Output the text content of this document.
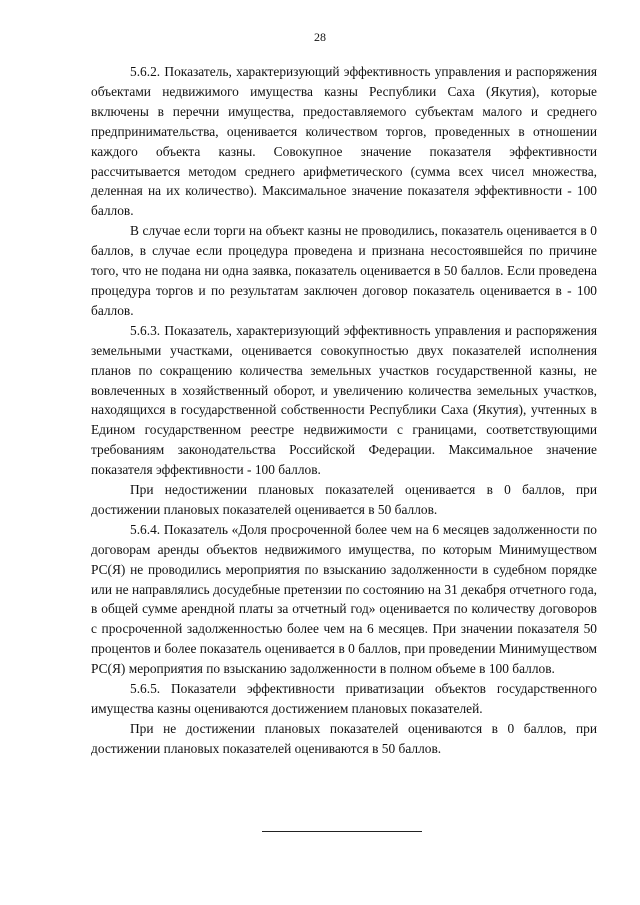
28

5.6.2. Показатель, характеризующий эффективность управления и распоряжения объектами недвижимого имущества казны Республики Саха (Якутия), которые включены в перечни имущества, предоставляемого субъектам малого и среднего предпринимательства, оценивается количеством торгов, проведенных в отношении каждого объекта казны. Совокупное значение показателя эффективности рассчитывается методом среднего арифметического (сумма всех чисел множества, деленная на их количество). Максимальное значение показателя эффективности - 100 баллов.

В случае если торги на объект казны не проводились, показатель оценивается в 0 баллов, в случае если процедура проведена и признана несостоявшейся по причине того, что не подана ни одна заявка, показатель оценивается в 50 баллов. Если проведена процедура торгов и по результатам заключен договор показатель оценивается в - 100 баллов.

5.6.3. Показатель, характеризующий эффективность управления и распоряжения земельными участками, оценивается совокупностью двух показателей исполнения планов по сокращению количества земельных участков государственной казны, не вовлеченных в хозяйственный оборот, и увеличению количества земельных участков, находящихся в государственной собственности Республики Саха (Якутия), учтенных в Едином государственном реестре недвижимости с границами, соответствующими требованиям законодательства Российской Федерации. Максимальное значение показателя эффективности - 100 баллов.

При недостижении плановых показателей оценивается в 0 баллов, при достижении плановых показателей оценивается в 50 баллов.

5.6.4. Показатель «Доля просроченной более чем на 6 месяцев задолженности по договорам аренды объектов недвижимого имущества, по которым Минимуществом РС(Я) не проводились мероприятия по взысканию задолженности в судебном порядке или не направлялись досудебные претензии по состоянию на 31 декабря отчетного года, в общей сумме арендной платы за отчетный год» оценивается по количеству договоров с просроченной задолженностью более чем на 6 месяцев. При значении показателя 50 процентов и более показатель оценивается в 0 баллов, при проведении Минимуществом РС(Я) мероприятия по взысканию задолженности в полном объеме в 100 баллов.

5.6.5. Показатели эффективности приватизации объектов государственного имущества казны оцениваются достижением плановых показателей.

При не достижении плановых показателей оцениваются в 0 баллов, при достижении плановых показателей оцениваются в 50 баллов.
